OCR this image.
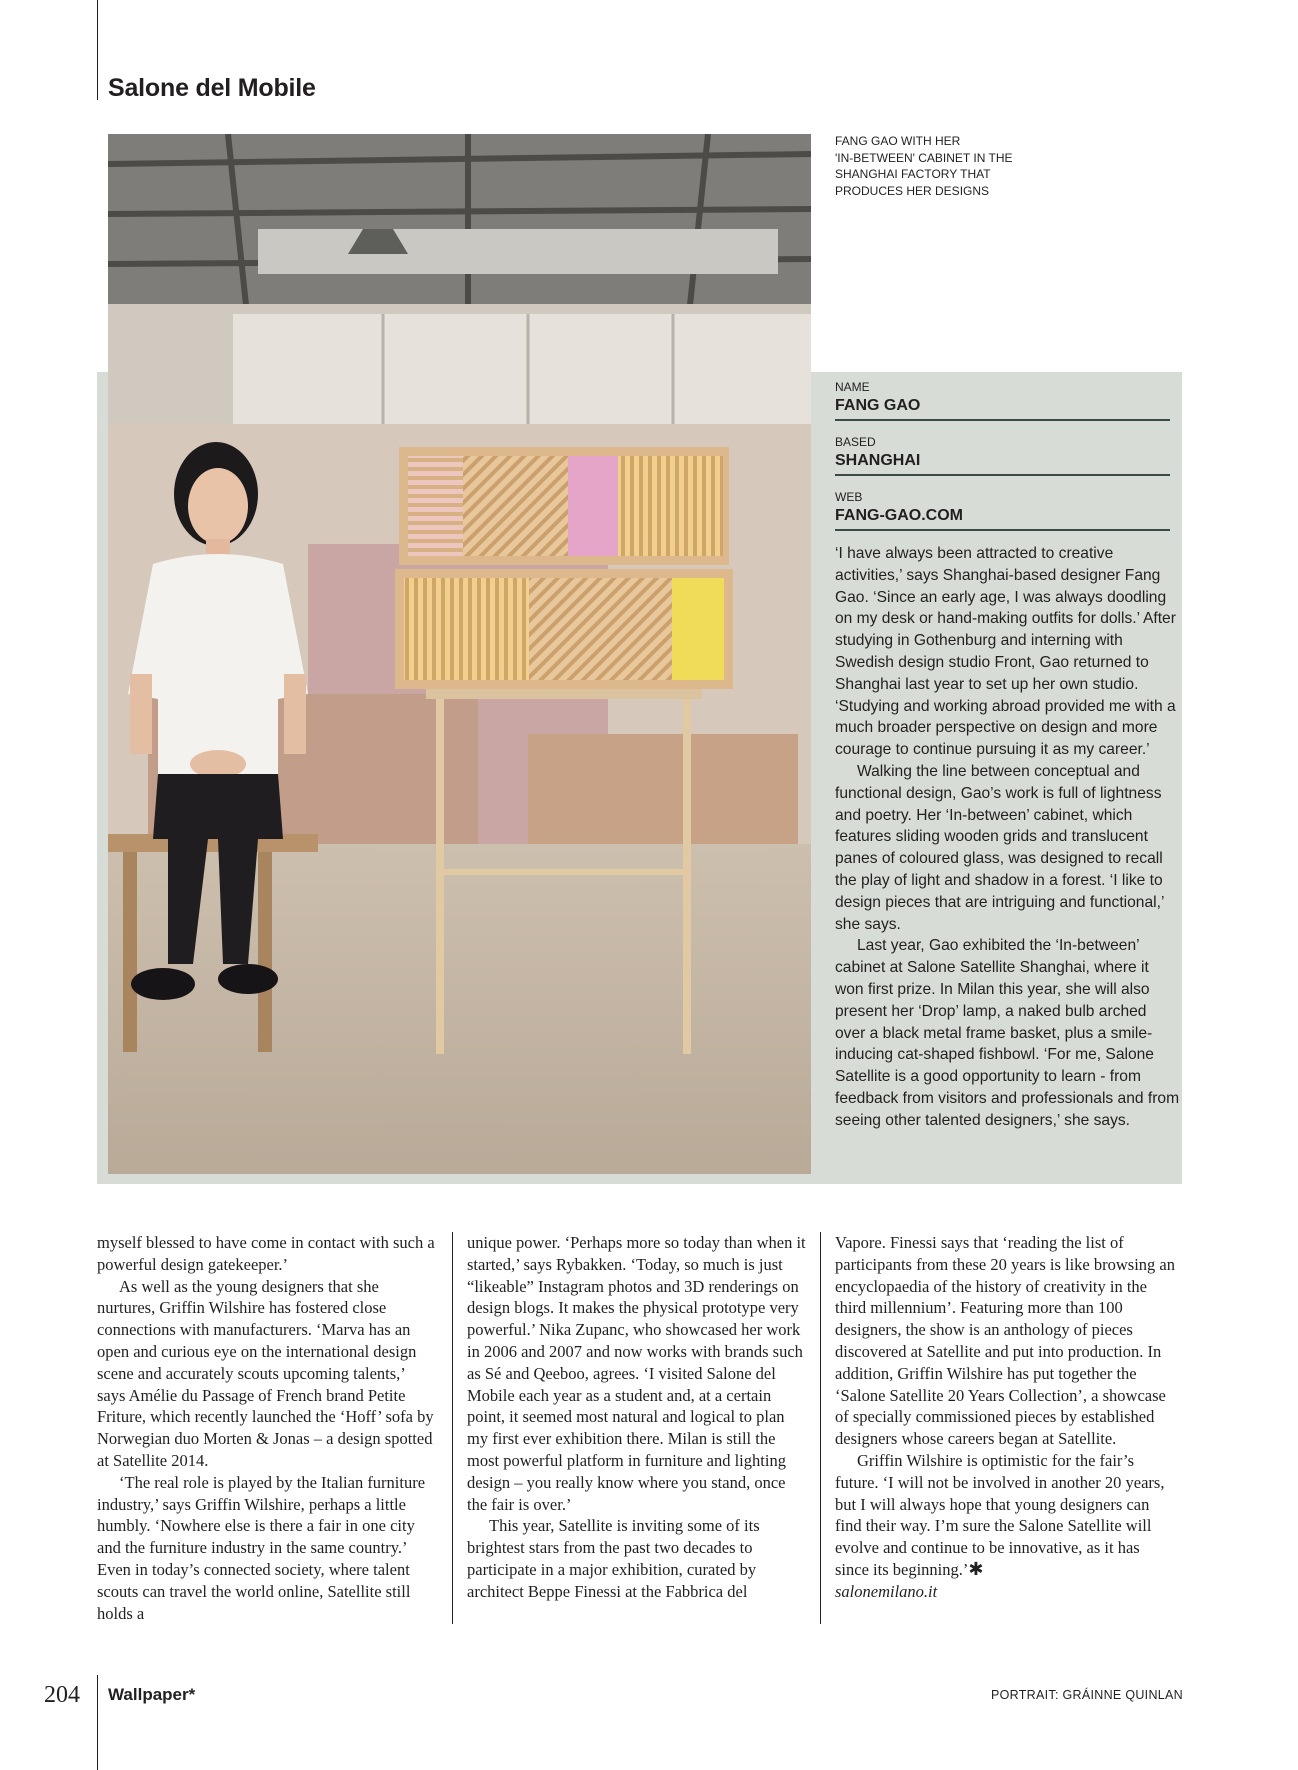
Salone del Mobile
FANG GAO WITH HER
'IN-BETWEEN' CABINET IN THE
SHANGHAI FACTORY THAT
PRODUCES HER DESIGNS
NAME
FANG GAO
BASED
SHANGHAI
WEB
FANG-GAO.COM

‘I have always been attracted to creative activities,’ says Shanghai-based designer Fang Gao. ‘Since an early age, I was always doodling on my desk or hand-making outfits for dolls.’ After studying in Gothenburg and interning with Swedish design studio Front, Gao returned to Shanghai last year to set up her own studio. ‘Studying and working abroad provided me with a much broader perspective on design and more courage to continue pursuing it as my career.’

Walking the line between conceptual and functional design, Gao’s work is full of lightness and poetry. Her ‘In-between’ cabinet, which features sliding wooden grids and translucent panes of coloured glass, was designed to recall the play of light and shadow in a forest. ‘I like to design pieces that are intriguing and functional,’ she says.

Last year, Gao exhibited the ‘In-between’ cabinet at Salone Satellite Shanghai, where it won first prize. In Milan this year, she will also present her ‘Drop’ lamp, a naked bulb arched over a black metal frame basket, plus a smile-inducing cat-shaped fishbowl. ‘For me, Salone Satellite is a good opportunity to learn - from feedback from visitors and professionals and from seeing other talented designers,’ she says.

myself blessed to have come in contact with such a powerful design gatekeeper.’

As well as the young designers that she nurtures, Griffin Wilshire has fostered close connections with manufacturers. ‘Marva has an open and curious eye on the international design scene and accurately scouts upcoming talents,’ says Amélie du Passage of French brand Petite Friture, which recently launched the ‘Hoff’ sofa by Norwegian duo Morten & Jonas – a design spotted at Satellite 2014.

‘The real role is played by the Italian furniture industry,’ says Griffin Wilshire, perhaps a little humbly. ‘Nowhere else is there a fair in one city and the furniture industry in the same country.’ Even in today’s connected society, where talent scouts can travel the world online, Satellite still holds a

unique power. ‘Perhaps more so today than when it started,’ says Rybakken. ‘Today, so much is just “likeable” Instagram photos and 3D renderings on design blogs. It makes the physical prototype very powerful.’ Nika Zupanc, who showcased her work in 2006 and 2007 and now works with brands such as Sé and Qeeboo, agrees. ‘I visited Salone del Mobile each year as a student and, at a certain point, it seemed most natural and logical to plan my first ever exhibition there. Milan is still the most powerful platform in furniture and lighting design – you really know where you stand, once the fair is over.’

This year, Satellite is inviting some of its brightest stars from the past two decades to participate in a major exhibition, curated by architect Beppe Finessi at the Fabbrica del

Vapore. Finessi says that ‘reading the list of participants from these 20 years is like browsing an encyclopaedia of the history of creativity in the third millennium’. Featuring more than 100 designers, the show is an anthology of pieces discovered at Satellite and put into production. In addition, Griffin Wilshire has put together the ‘Salone Satellite 20 Years Collection’, a showcase of specially commissioned pieces by established designers whose careers began at Satellite.

Griffin Wilshire is optimistic for the fair’s future. ‘I will not be involved in another 20 years, but I will always hope that young designers can find their way. I’m sure the Salone Satellite will evolve and continue to be innovative, as it has since its beginning.’✱

salonemilano.it

204 Wallpaper*	PORTRAIT: GRÁINNE QUINLAN
